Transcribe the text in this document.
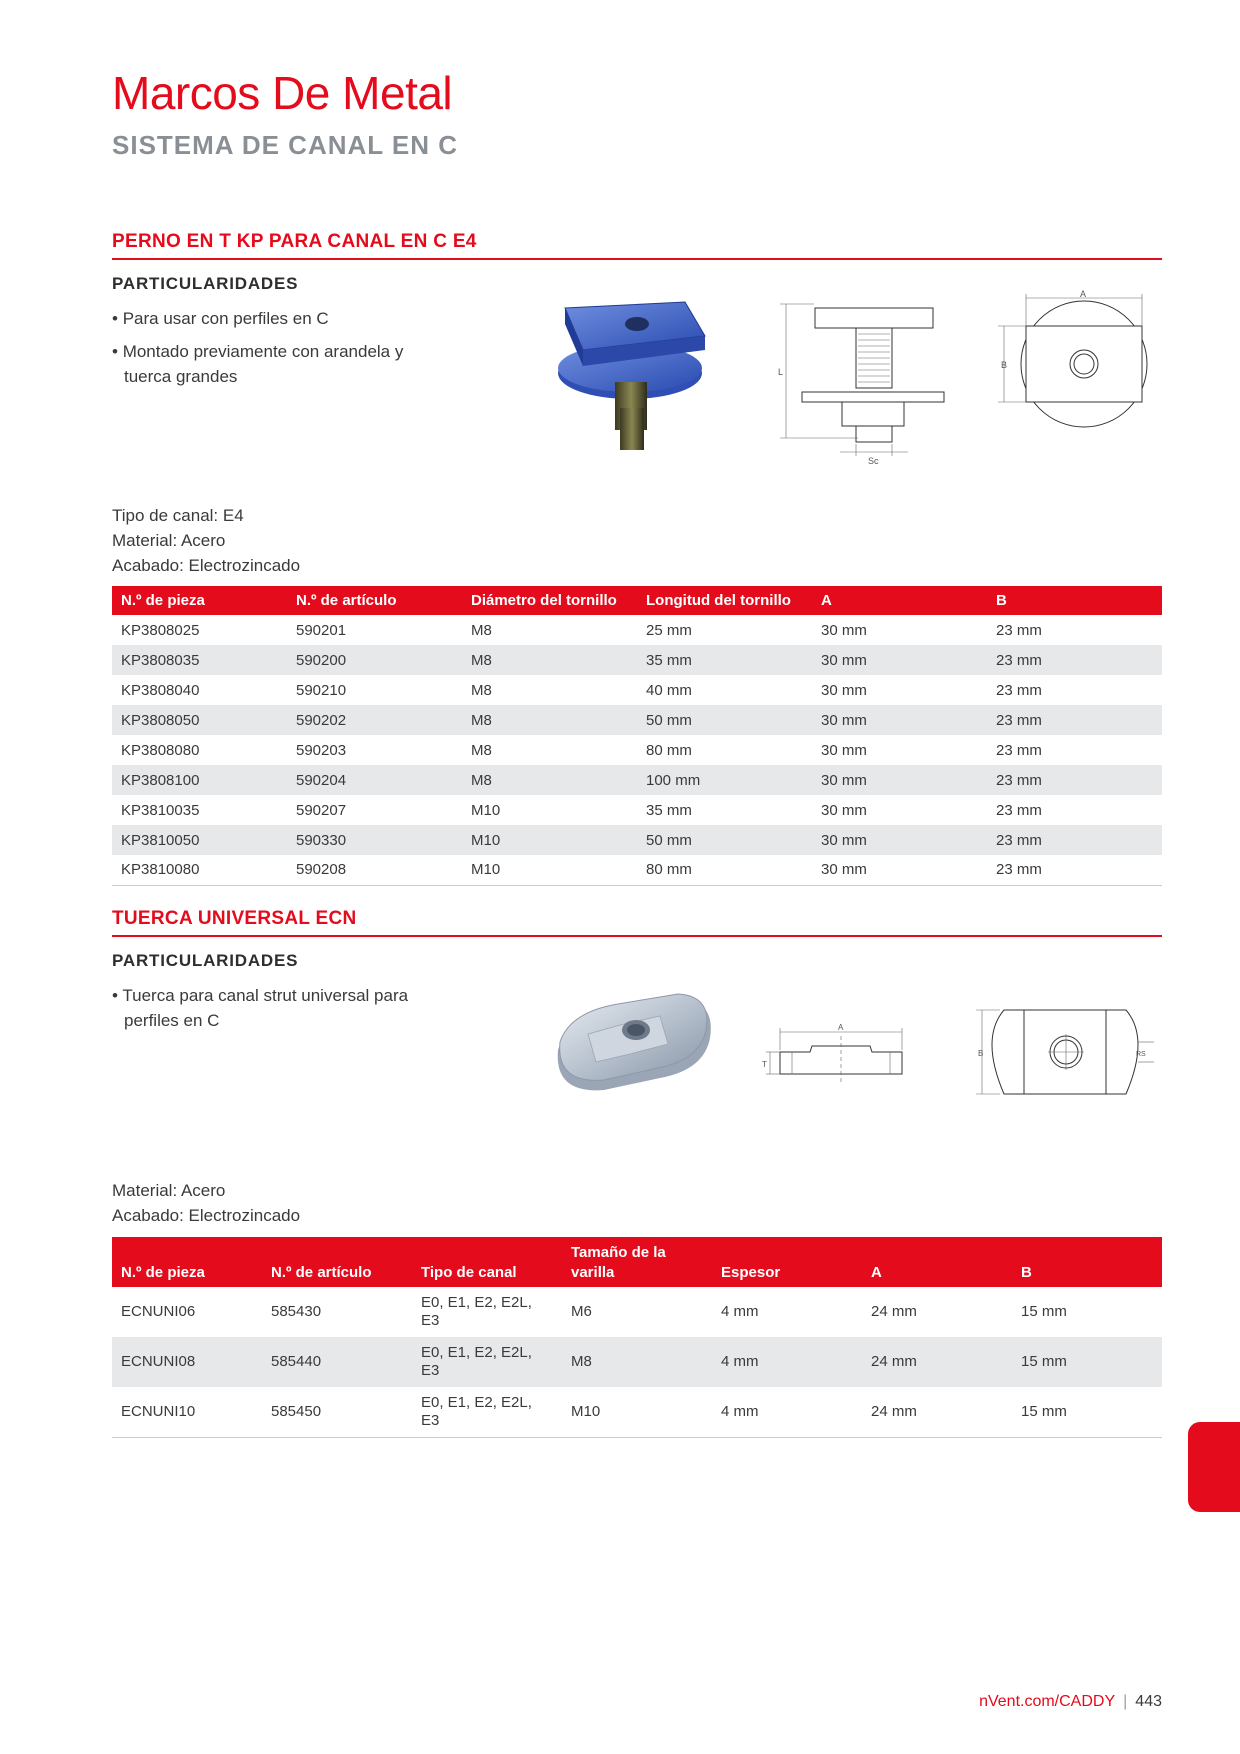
Marcos De Metal
SISTEMA DE CANAL EN C
PERNO EN T KP PARA CANAL EN C E4
PARTICULARIDADES
• Para usar con perfiles en C
• Montado previamente con arandela y tuerca grandes	L
Sc
A
B
Tipo de canal: E4
Material: Acero
Acabado: Electrozincado
N.º de pieza	N.º de artículo	Diámetro del tornillo	Longitud del tornillo	A	B
KP3808025	590201	M8	25 mm	30 mm	23 mm
KP3808035	590200	M8	35 mm	30 mm	23 mm
KP3808040	590210	M8	40 mm	30 mm	23 mm
KP3808050	590202	M8	50 mm	30 mm	23 mm
KP3808080	590203	M8	80 mm	30 mm	23 mm
KP3808100	590204	M8	100 mm	30 mm	23 mm
KP3810035	590207	M10	35 mm	30 mm	23 mm
KP3810050	590330	M10	50 mm	30 mm	23 mm
KP3810080	590208	M10	80 mm	30 mm	23 mm
TUERCA UNIVERSAL ECN
PARTICULARIDADES
• Tuerca para canal strut universal para perfiles en C	A
T
B	RS
Material: Acero
Acabado: Electrozincado
N.º de pieza	N.º de artículo	Tipo de canal	Tamaño de la varilla	Espesor	A	B
ECNUNI06	585430	E0, E1, E2, E2L, E3	M6	4 mm	24 mm	15 mm
ECNUNI08	585440	E0, E1, E2, E2L, E3	M8	4 mm	24 mm	15 mm
ECNUNI10	585450	E0, E1, E2, E2L, E3	M10	4 mm	24 mm	15 mm
nVent.com/CADDY | 443
